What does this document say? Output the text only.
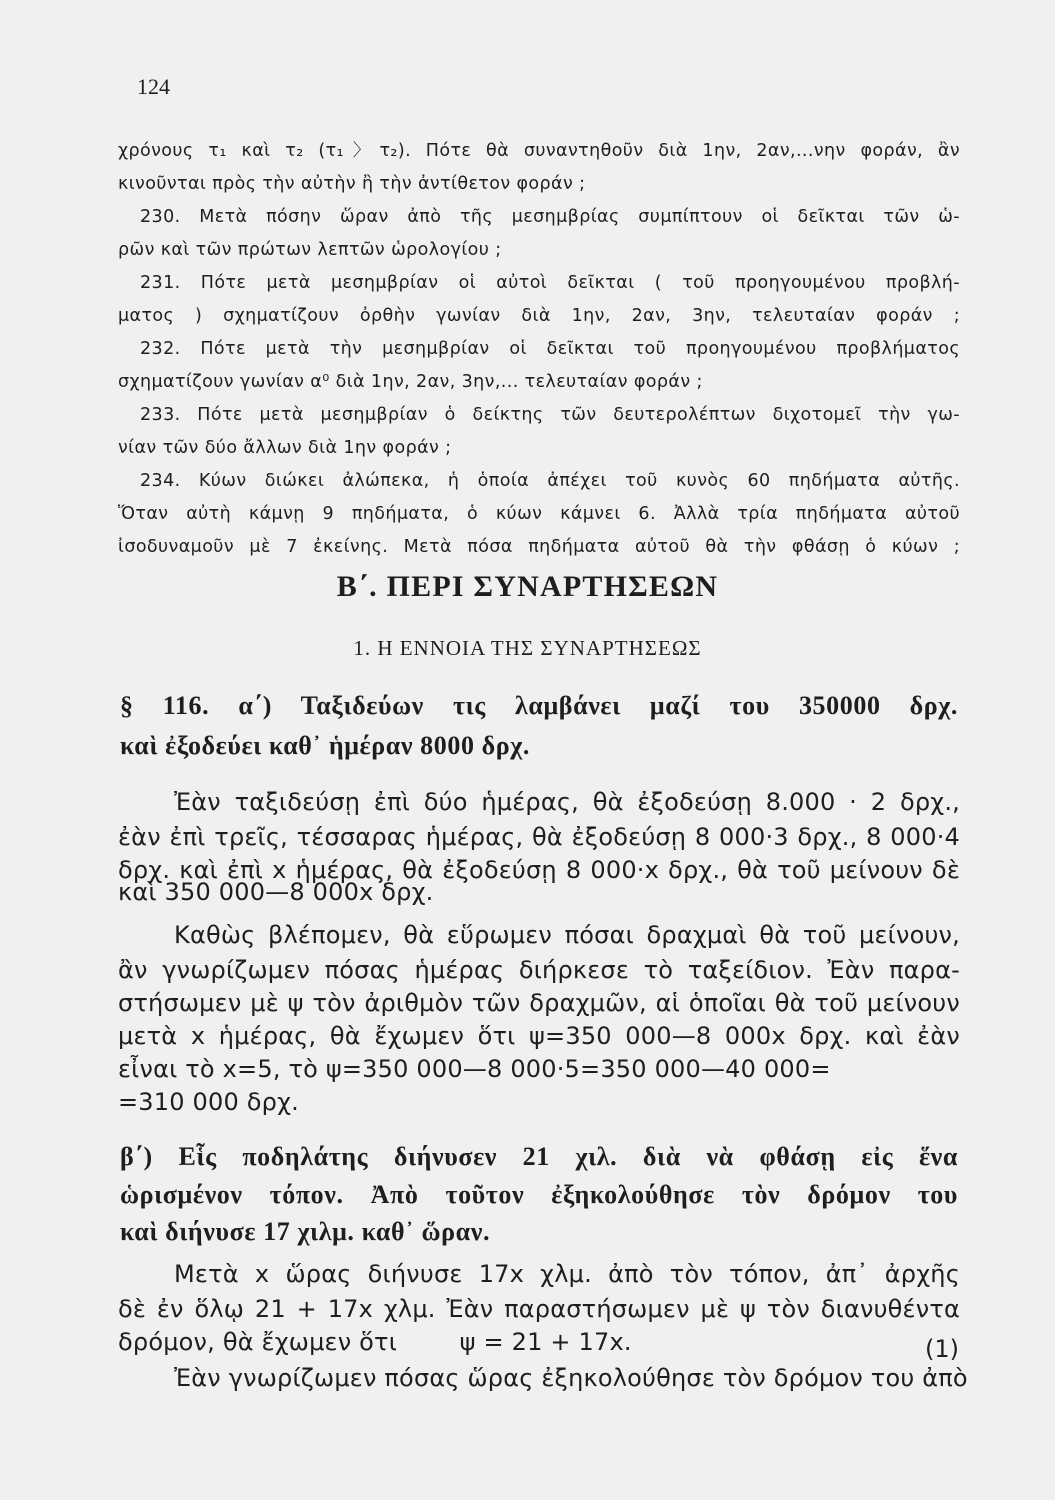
124
χρόνους τ₁ καὶ τ₂ (τ₁〉τ₂). Πότε θὰ συναντηθοῦν διὰ 1ην, 2αν,...νην φοράν, ἂν
κινοῦνται πρὸς τὴν αὐτὴν ἢ τὴν ἀντίθετον φοράν ;
230. Μετὰ πόσην ὥραν ἀπὸ τῆς μεσημβρίας συμπίπτουν οἱ δεῖκται τῶν ὡ-
ρῶν καὶ τῶν πρώτων λεπτῶν ὡρολογίου ;
231. Πότε μετὰ μεσημβρίαν οἱ αὐτοὶ δεῖκται ( τοῦ προηγουμένου προβλή-
ματος ) σχηματίζουν ὀρθὴν γωνίαν διὰ 1ην, 2αν, 3ην, τελευταίαν φοράν ;
232. Πότε μετὰ τὴν μεσημβρίαν οἱ δεῖκται τοῦ προηγουμένου προβλήματος
σχηματίζουν γωνίαν α⁰ διὰ 1ην, 2αν, 3ην,... τελευταίαν φοράν ;
233. Πότε μετὰ μεσημβρίαν ὁ δείκτης τῶν δευτερολέπτων διχοτομεῖ τὴν γω-
νίαν τῶν δύο ἄλλων διὰ 1ην φοράν ;
234. Κύων διώκει ἀλώπεκα, ἡ ὁποία ἀπέχει τοῦ κυνὸς 60 πηδήματα αὐτῆς.
Ὅταν αὐτὴ κάμνῃ 9 πηδήματα, ὁ κύων κάμνει 6. Ἀλλὰ τρία πηδήματα αὐτοῦ
ἰσοδυναμοῦν μὲ 7 ἐκείνης. Μετὰ πόσα πηδήματα αὐτοῦ θὰ τὴν φθάσῃ ὁ κύων ;
Β΄. ΠΕΡΙ ΣΥΝΑΡΤΗΣΕΩΝ
1. Η ΕΝΝΟΙΑ ΤΗΣ ΣΥΝΑΡΤΗΣΕΩΣ
§ 116. α΄) Ταξιδεύων τις λαμβάνει μαζί του 350000 δρχ.
καὶ ἐξοδεύει καθ᾽ ἡμέραν 8000 δρχ.
Ἐὰν ταξιδεύσῃ ἐπὶ δύο ἡμέρας, θὰ ἐξοδεύσῃ 8.000 · 2 δρχ.,
ἐὰν ἐπὶ τρεῖς, τέσσαρας ἡμέρας, θὰ ἐξοδεύσῃ 8 000·3 δρχ., 8 000·4
δρχ. καὶ ἐπὶ x ἡμέρας, θὰ ἐξοδεύσῃ 8 000·x δρχ., θὰ τοῦ μείνουν δὲ
καὶ 350 000—8 000x δρχ.
Καθὼς βλέπομεν, θὰ εὕρωμεν πόσαι δραχμαὶ θὰ τοῦ μείνουν,
ἂν γνωρίζωμεν πόσας ἡμέρας διήρκεσε τὸ ταξείδιον. Ἐὰν παρα-
στήσωμεν μὲ ψ τὸν ἀριθμὸν τῶν δραχμῶν, αἱ ὁποῖαι θὰ τοῦ μείνουν
μετὰ x ἡμέρας, θὰ ἔχωμεν ὅτι ψ=350 000—8 000x δρχ. καὶ ἐὰν
εἶναι τὸ x=5, τὸ ψ=350 000—8 000·5=350 000—40 000=
=310 000 δρχ.
β΄) Εἷς ποδηλάτης διήνυσεν 21 χιλ. διὰ νὰ φθάσῃ εἰς ἕνα
ὡρισμένον τόπον. Ἀπὸ τοῦτον ἐξηκολούθησε τὸν δρόμον του
καὶ διήνυσε 17 χιλμ. καθ᾽ ὥραν.
Μετὰ x ὥρας διήνυσε 17x χλμ. ἀπὸ τὸν τόπον, ἀπ᾽ ἀρχῆς
δὲ ἐν ὅλῳ 21 + 17x χλμ. Ἐὰν παραστήσωμεν μὲ ψ τὸν διανυθέντα
δρόμον, θὰ ἔχωμεν ὅτι        ψ = 21 + 17x.	(1)
Ἐὰν γνωρίζωμεν πόσας ὥρας ἐξηκολούθησε τὸν δρόμον του ἀπὸ
